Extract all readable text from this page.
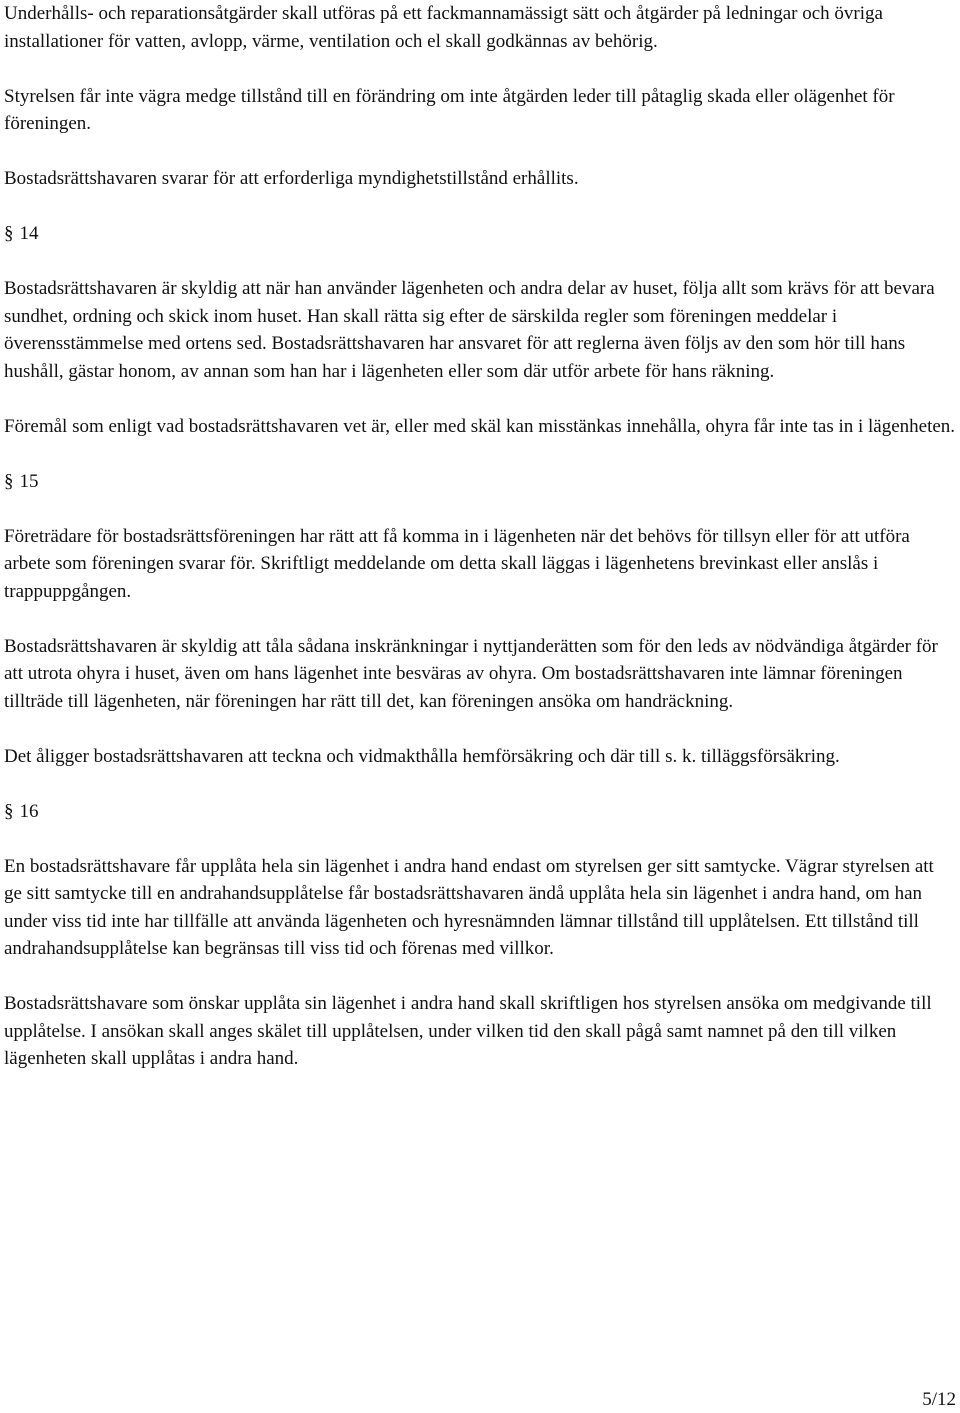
Underhålls- och reparationsåtgärder skall utföras på ett fackmannamässigt sätt och åtgärder på ledningar och övriga installationer för vatten, avlopp, värme, ventilation och el skall godkännas av behörig.

Styrelsen får inte vägra medge tillstånd till en förändring om inte åtgärden leder till påtaglig skada eller olägenhet för föreningen.

Bostadsrättshavaren svarar för att erforderliga myndighetstillstånd erhållits.

§ 14

Bostadsrättshavaren är skyldig att när han använder lägenheten och andra delar av huset, följa allt som krävs för att bevara sundhet, ordning och skick inom huset. Han skall rätta sig efter de särskilda regler som föreningen meddelar i överensstämmelse med ortens sed. Bostadsrättshavaren har ansvaret för att reglerna även följs av den som hör till hans hushåll, gästar honom, av annan som han har i lägenheten eller som där utför arbete för hans räkning.

Föremål som enligt vad bostadsrättshavaren vet är, eller med skäl kan misstänkas innehålla, ohyra får inte tas in i lägenheten.

§ 15

Företrädare för bostadsrättsföreningen har rätt att få komma in i lägenheten när det behövs för tillsyn eller för att utföra arbete som föreningen svarar för. Skriftligt meddelande om detta skall läggas i lägenhetens brevinkast eller anslås i trappuppgången.

Bostadsrättshavaren är skyldig att tåla sådana inskränkningar i nyttjanderätten som för den leds av nödvändiga åtgärder för att utrota ohyra i huset, även om hans lägenhet inte besväras av ohyra. Om bostadsrättshavaren inte lämnar föreningen tillträde till lägenheten, när föreningen har rätt till det, kan föreningen ansöka om handräckning.

Det åligger bostadsrättshavaren att teckna och vidmakthålla hemförsäkring och där till s. k. tilläggsförsäkring.

§ 16

En bostadsrättshavare får upplåta hela sin lägenhet i andra hand endast om styrelsen ger sitt samtycke. Vägrar styrelsen att ge sitt samtycke till en andrahandsupplåtelse får bostadsrättshavaren ändå upplåta hela sin lägenhet i andra hand, om han under viss tid inte har tillfälle att använda lägenheten och hyresnämnden lämnar tillstånd till upplåtelsen. Ett tillstånd till andrahandsupplåtelse kan begränsas till viss tid och förenas med villkor.

Bostadsrättshavare som önskar upplåta sin lägenhet i andra hand skall skriftligen hos styrelsen ansöka om medgivande till upplåtelse. I ansökan skall anges skälet till upplåtelsen, under vilken tid den skall pågå samt namnet på den till vilken lägenheten skall upplåtas i andra hand.

5/12
